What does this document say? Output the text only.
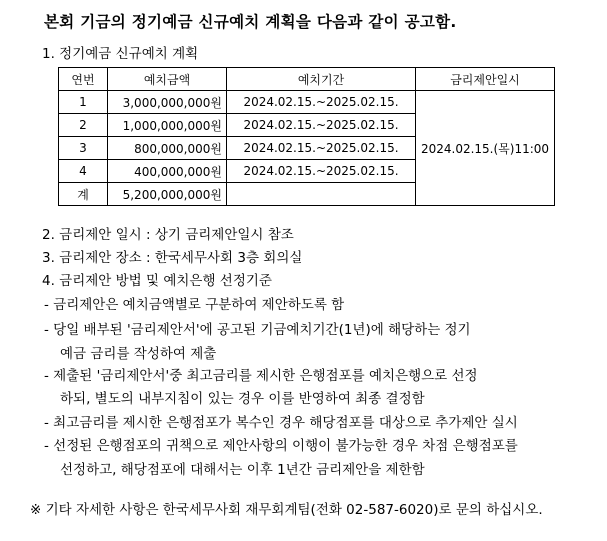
본회 기금의 정기예금 신규예치 계획을 다음과 같이 공고함.
1. 정기예금 신규예치 계획
연번	예치금액	예치기간	금리제안일시
1	3,000,000,000원	2024.02.15.~2025.02.15.	2024.02.15.(목)11:00
2	1,000,000,000원	2024.02.15.~2025.02.15.	
3	800,000,000원	2024.02.15.~2025.02.15.	
4	400,000,000원	2024.02.15.~2025.02.15.	
계	5,200,000,000원		
2. 금리제안 일시 : 상기 금리제안일시 참조
3. 금리제안 장소 : 한국세무사회 3층 회의실
4. 금리제안 방법 및 예치은행 선정기준
- 금리제안은 예치금액별로 구분하여 제안하도록 함
- 당일 배부된 '금리제안서'에 공고된 기금예치기간(1년)에 해당하는 정기
예금 금리를 작성하여 제출
- 제출된 '금리제안서'중 최고금리를 제시한 은행점포를 예치은행으로 선정
하되, 별도의 내부지침이 있는 경우 이를 반영하여 최종 결정함
- 최고금리를 제시한 은행점포가 복수인 경우 해당점포를 대상으로 추가제안 실시
- 선정된 은행점포의 귀책으로 제안사항의 이행이 불가능한 경우 차점 은행점포를
선정하고, 해당점포에 대해서는 이후 1년간 금리제안을 제한함
※ 기타 자세한 사항은 한국세무사회 재무회계팀(전화 02-587-6020)로 문의 하십시오.
